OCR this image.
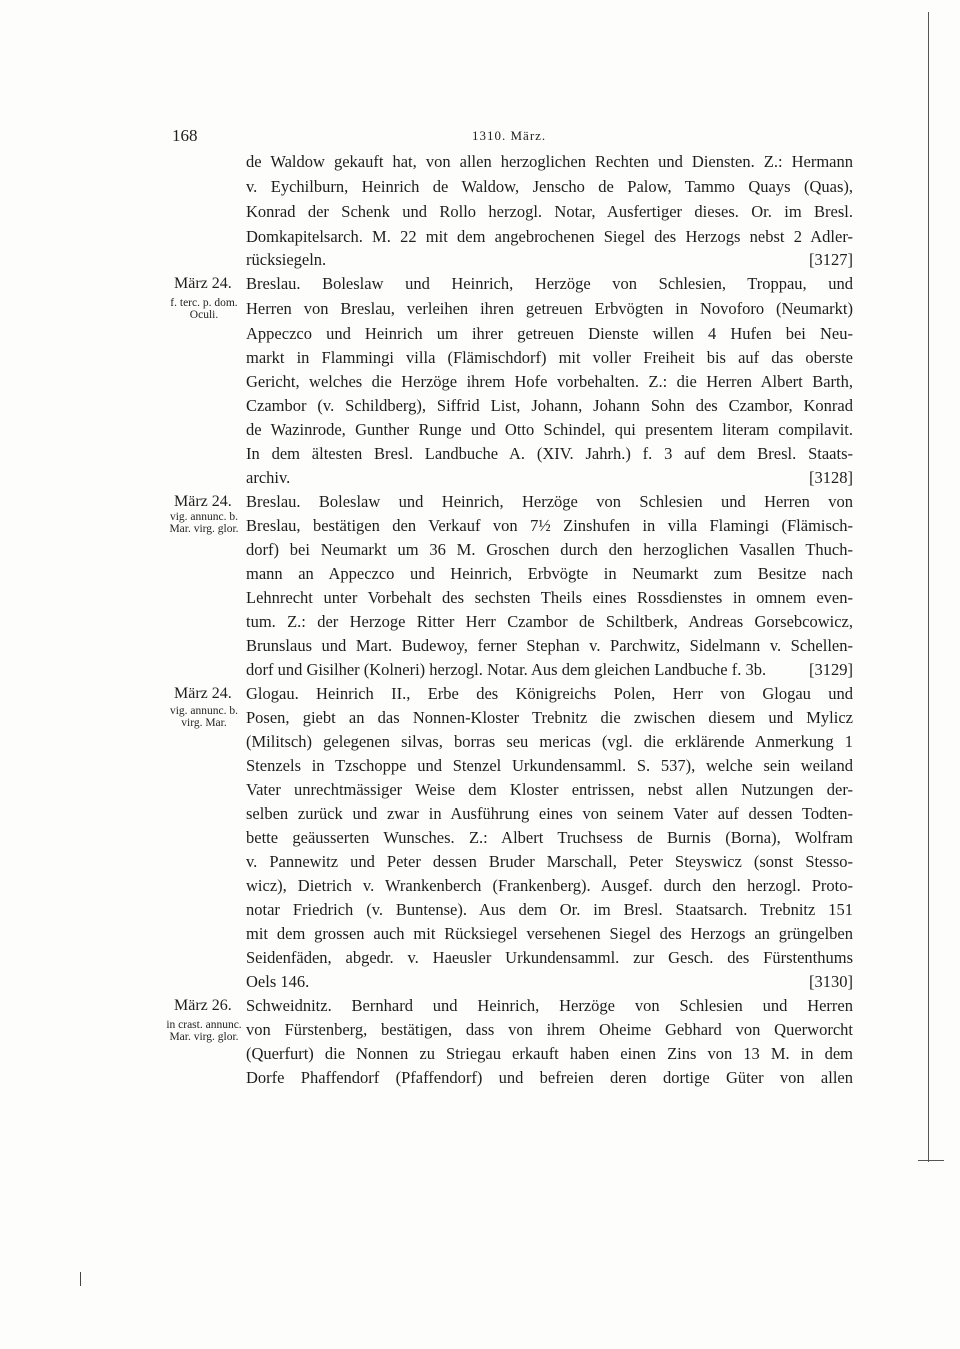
168	1310. März.
de Waldow gekauft hat, von allen herzoglichen Rechten und Diensten. Z.: Hermann
v. Eychilburn, Heinrich de Waldow, Jenscho de Palow, Tammo Quays (Quas),
Konrad der Schenk und Rollo herzogl. Notar, Ausfertiger dieses. Or. im Bresl.
Domkapitelsarch. M. 22 mit dem angebrochenen Siegel des Herzogs nebst 2 Adler-
rücksiegeln.	[3127]
März 24.
f. terc. p. dom. Oculi.
Breslau. Boleslaw und Heinrich, Herzöge von Schlesien, Troppau, und
Herren von Breslau, verleihen ihren getreuen Erbvögten in Novoforo (Neumarkt)
Appeczco und Heinrich um ihrer getreuen Dienste willen 4 Hufen bei Neu-
markt in Flammingi villa (Flämischdorf) mit voller Freiheit bis auf das oberste
Gericht, welches die Herzöge ihrem Hofe vorbehalten. Z.: die Herren Albert Barth,
Czambor (v. Schildberg), Siffrid List, Johann, Johann Sohn des Czambor, Konrad
de Wazinrode, Gunther Runge und Otto Schindel, qui presentem literam compilavit.
In dem ältesten Bresl. Landbuche A. (XIV. Jahrh.) f. 3 auf dem Bresl. Staats-
archiv.	[3128]
März 24.
vig. annunc. b. Mar. virg. glor.
Breslau. Boleslaw und Heinrich, Herzöge von Schlesien und Herren von
Breslau, bestätigen den Verkauf von 7½ Zinshufen in villa Flamingi (Flämisch-
dorf) bei Neumarkt um 36 M. Groschen durch den herzoglichen Vasallen Thuch-
mann an Appeczco und Heinrich, Erbvögte in Neumarkt zum Besitze nach
Lehnrecht unter Vorbehalt des sechsten Theils eines Rossdienstes in omnem even-
tum. Z.: der Herzoge Ritter Herr Czambor de Schiltberk, Andreas Gorsebcowicz,
Brunslaus und Mart. Budewoy, ferner Stephan v. Parchwitz, Sidelmann v. Schellen-
dorf und Gisilher (Kolneri) herzogl. Notar. Aus dem gleichen Landbuche f. 3b.	[3129]
März 24.
vig. annunc. b. virg. Mar.
Glogau. Heinrich II., Erbe des Königreichs Polen, Herr von Glogau und
Posen, giebt an das Nonnen-Kloster Trebnitz die zwischen diesem und Mylicz
(Militsch) gelegenen silvas, borras seu mericas (vgl. die erklärende Anmerkung 1
Stenzels in Tzschoppe und Stenzel Urkundensamml. S. 537), welche sein weiland
Vater unrechtmässiger Weise dem Kloster entrissen, nebst allen Nutzungen der-
selben zurück und zwar in Ausführung eines von seinem Vater auf dessen Todten-
bette geäusserten Wunsches. Z.: Albert Truchsess de Burnis (Borna), Wolfram
v. Pannewitz und Peter dessen Bruder Marschall, Peter Steyswicz (sonst Stesso-
wicz), Dietrich v. Wrankenberch (Frankenberg). Ausgef. durch den herzogl. Proto-
notar Friedrich (v. Buntense). Aus dem Or. im Bresl. Staatsarch. Trebnitz 151
mit dem grossen auch mit Rücksiegel versehenen Siegel des Herzogs an grüngelben
Seidenfäden, abgedr. v. Haeusler Urkundensamml. zur Gesch. des Fürstenthums
Oels 146.	[3130]
März 26.
in crast. annunc. Mar. virg. glor.
Schweidnitz. Bernhard und Heinrich, Herzöge von Schlesien und Herren
von Fürstenberg, bestätigen, dass von ihrem Oheime Gebhard von Querworcht
(Querfurt) die Nonnen zu Striegau erkauft haben einen Zins von 13 M. in dem
Dorfe Phaffendorf (Pfaffendorf) und befreien deren dortige Güter von allen
